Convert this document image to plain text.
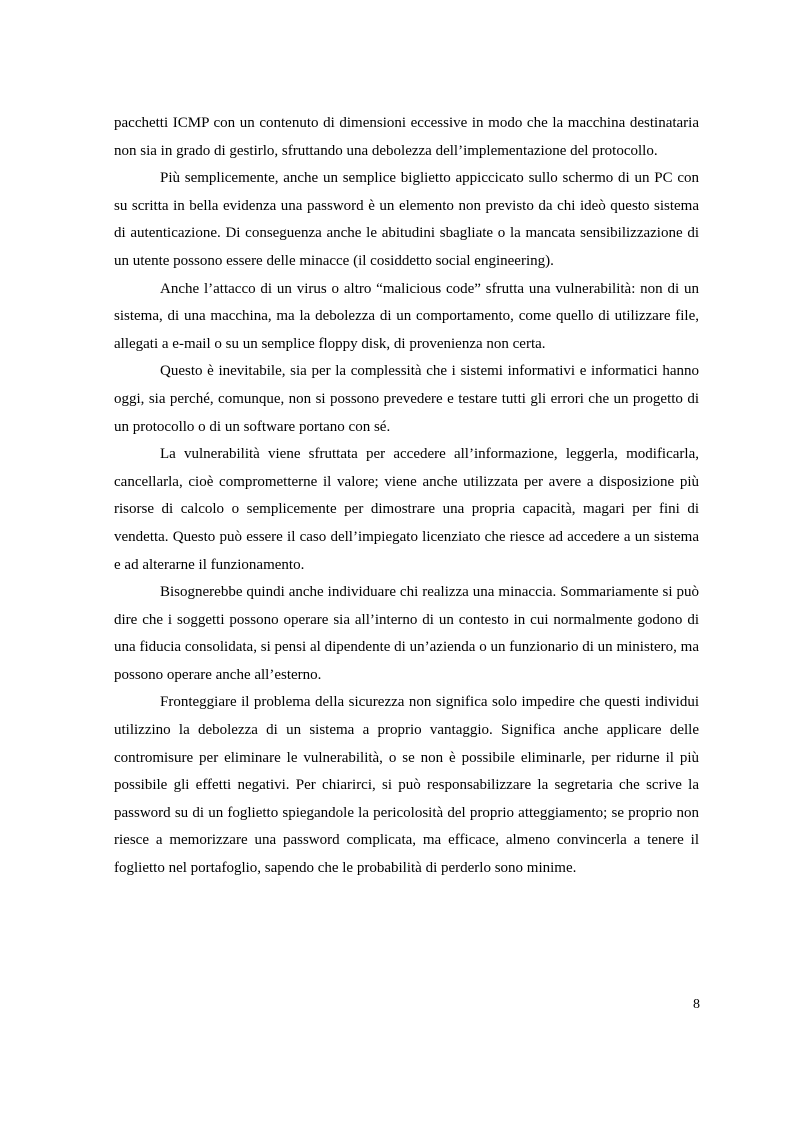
pacchetti ICMP con un contenuto di dimensioni eccessive in modo che la macchina destinataria non sia in grado di gestirlo, sfruttando una debolezza dell’implementazione del protocollo.

Più semplicemente, anche un semplice biglietto appiccicato sullo schermo di un PC con su scritta in bella evidenza una password è un elemento non previsto da chi ideò questo sistema di autenticazione. Di conseguenza anche le abitudini sbagliate o la mancata sensibilizzazione di un utente possono essere delle minacce (il cosiddetto social engineering).

Anche l’attacco di un virus o altro “malicious code” sfrutta una vulnerabilità: non di un sistema, di una macchina, ma la debolezza di un comportamento, come quello di utilizzare file, allegati a e-mail o su un semplice floppy disk, di provenienza non certa.

Questo è inevitabile, sia per la complessità che i sistemi informativi e informatici hanno oggi, sia perché, comunque, non si possono prevedere e testare tutti gli errori che un progetto di un protocollo o di un software portano con sé.

La vulnerabilità viene sfruttata per accedere all’informazione, leggerla, modificarla, cancellarla, cioè comprometterne il valore; viene anche utilizzata per avere a disposizione più risorse di calcolo o semplicemente per dimostrare una propria capacità, magari per fini di vendetta. Questo può essere il caso dell’impiegato licenziato che riesce ad accedere a un sistema e ad alterarne il funzionamento.

Bisognerebbe quindi anche individuare chi realizza una minaccia. Sommariamente si può dire che i soggetti possono operare sia all’interno di un contesto in cui normalmente godono di una fiducia consolidata, si pensi al dipendente di un’azienda o un funzionario di un ministero, ma possono operare anche all’esterno.

Fronteggiare il problema della sicurezza non significa solo impedire che questi individui utilizzino la debolezza di un sistema a proprio vantaggio. Significa anche applicare delle contromisure per eliminare le vulnerabilità, o se non è possibile eliminarle, per ridurne il più possibile gli effetti negativi. Per chiarirci, si può responsabilizzare la segretaria che scrive la password su di un foglietto spiegandole la pericolosità del proprio atteggiamento; se proprio non riesce a memorizzare una password complicata, ma efficace, almeno convincerla a tenere il foglietto nel portafoglio, sapendo che le probabilità di perderlo sono minime.

8
